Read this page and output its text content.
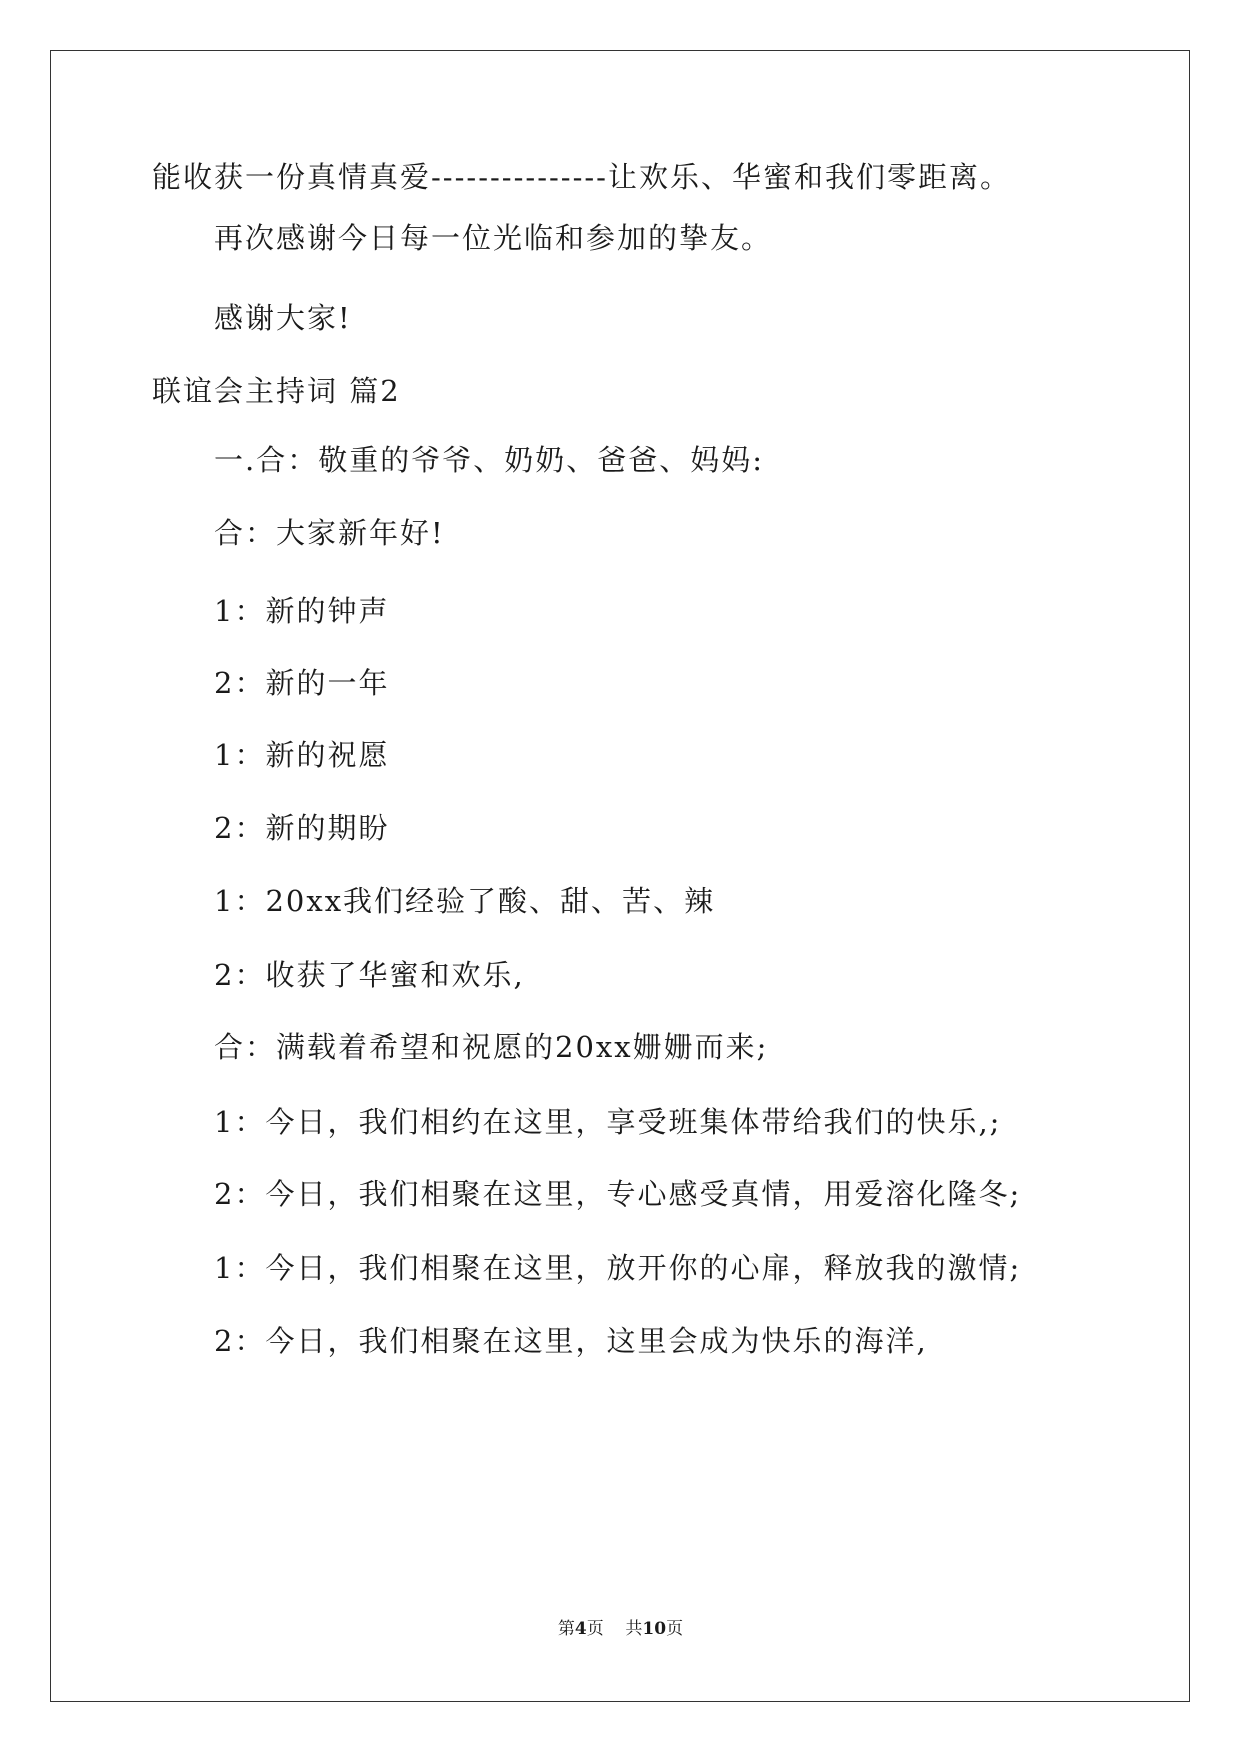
能收获一份真情真爱---------------让欢乐、华蜜和我们零距离。
再次感谢今日每一位光临和参加的挚友。
感谢大家!
联谊会主持词 篇2
一.合：敬重的爷爷、奶奶、爸爸、妈妈:
合：大家新年好!
1：新的钟声
2：新的一年
1：新的祝愿
2：新的期盼
1：20xx我们经验了酸、甜、苦、辣
2：收获了华蜜和欢乐,
合：满载着希望和祝愿的20xx姗姗而来;
1：今日，我们相约在这里，享受班集体带给我们的快乐,;
2：今日，我们相聚在这里，专心感受真情，用爱溶化隆冬;
1：今日，我们相聚在这里，放开你的心扉，释放我的激情;
2：今日，我们相聚在这里，这里会成为快乐的海洋,
第4页 共10页
